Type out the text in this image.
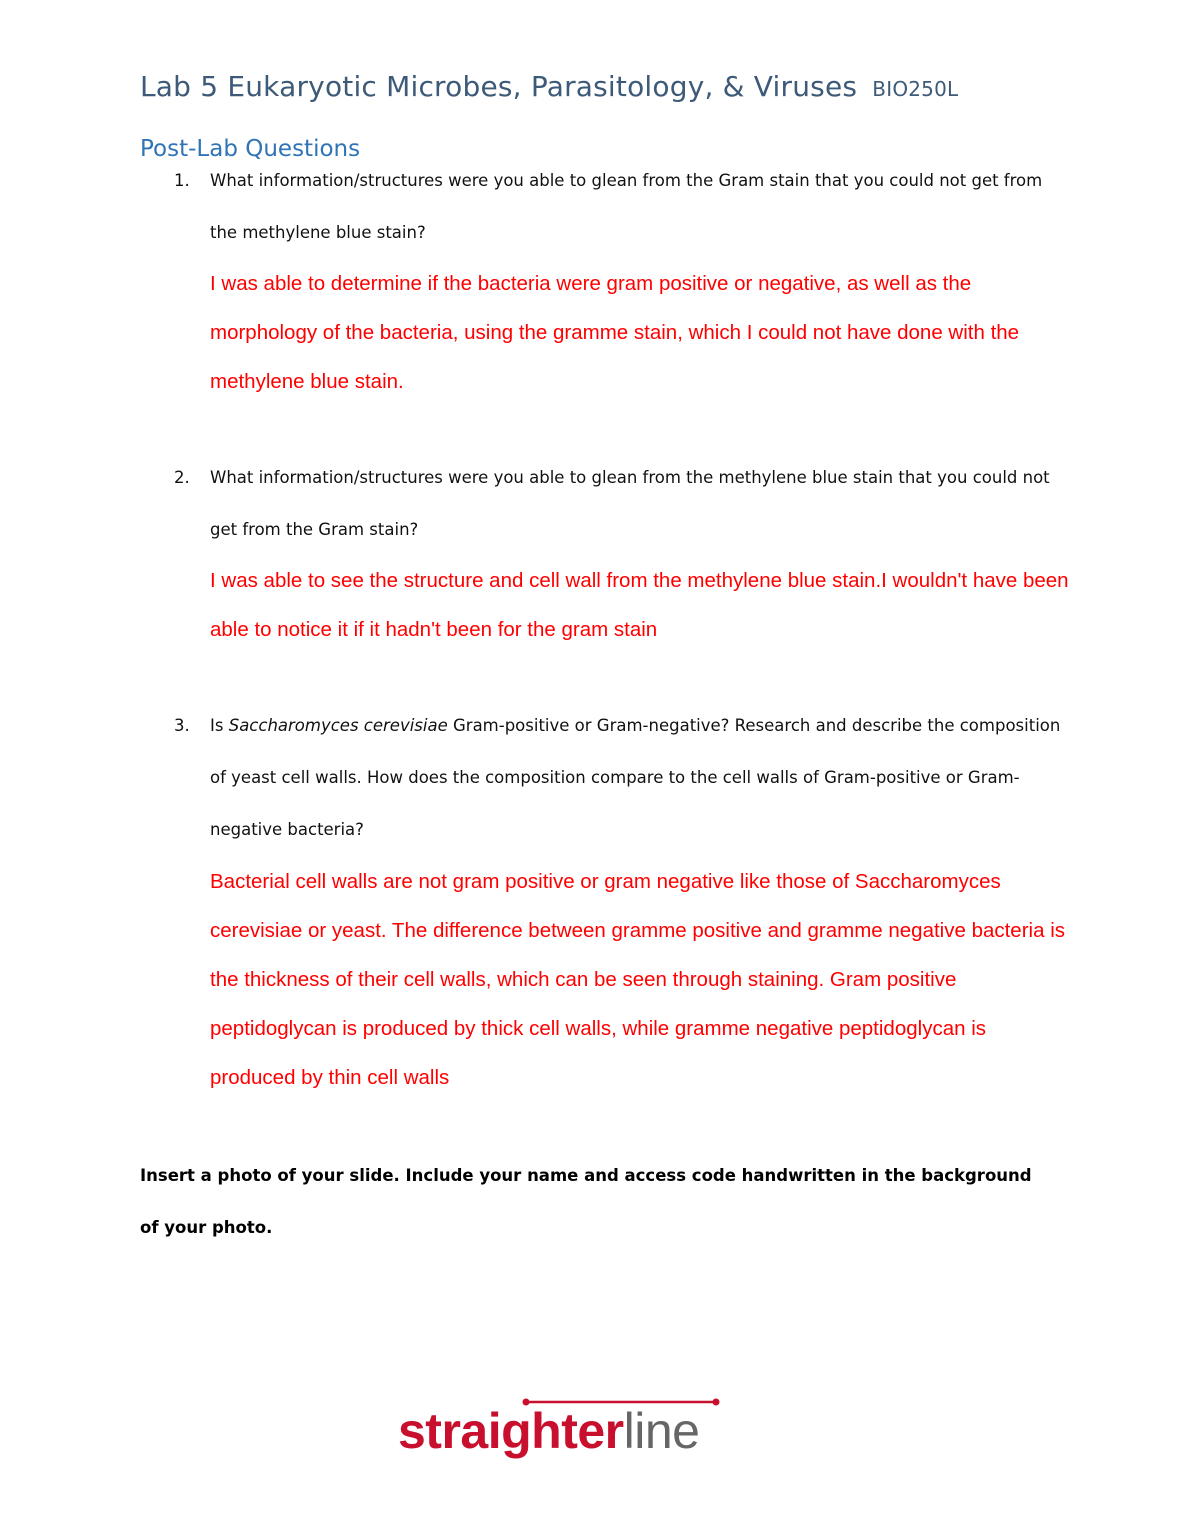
Lab 5 Eukaryotic Microbes, Parasitology, & Viruses BIO250L
Post-Lab Questions

1. What information/structures were you able to glean from the Gram stain that you could not get from the methylene blue stain?

I was able to determine if the bacteria were gram positive or negative, as well as the morphology of the bacteria, using the gramme stain, which I could not have done with the methylene blue stain.

2. What information/structures were you able to glean from the methylene blue stain that you could not get from the Gram stain?

I was able to see the structure and cell wall from the methylene blue stain.I wouldn't have been able to notice it if it hadn't been for the gram stain

3. Is Saccharomyces cerevisiae Gram-positive or Gram-negative? Research and describe the composition of yeast cell walls. How does the composition compare to the cell walls of Gram-positive or Gram-negative bacteria?

Bacterial cell walls are not gram positive or gram negative like those of Saccharomyces cerevisiae or yeast. The difference between gramme positive and gramme negative bacteria is the thickness of their cell walls, which can be seen through staining. Gram positive peptidoglycan is produced by thick cell walls, while gramme negative peptidoglycan is produced by thin cell walls

Insert a photo of your slide. Include your name and access code handwritten in the background of your photo.

straighterline
